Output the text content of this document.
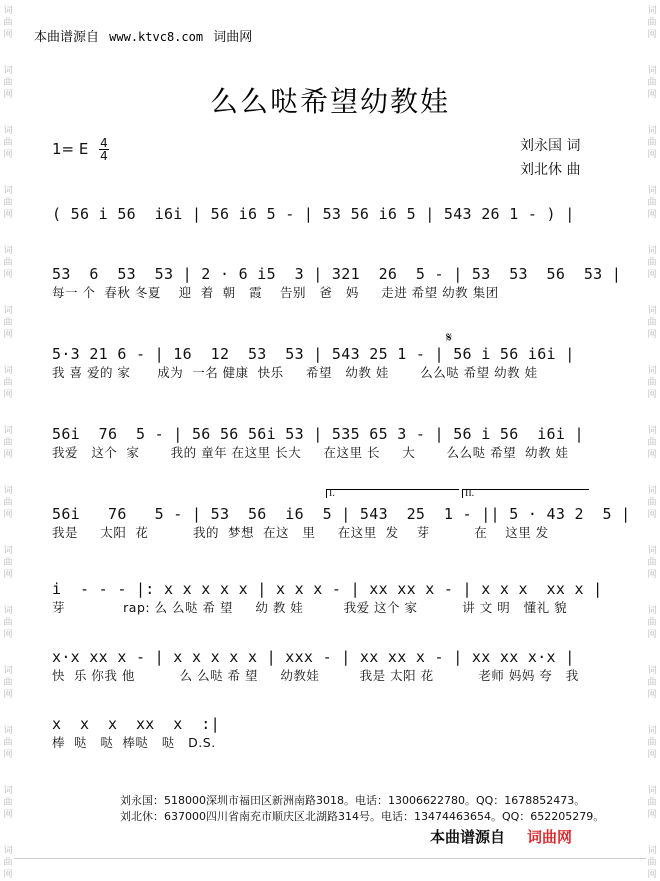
词
曲
网
词
曲
网
词
曲
网
词
曲
网
词
曲
网
词
曲
网
词
曲
网
词
曲
网
词
曲
网
词
曲
网
词
曲
网
词
曲
网
词
曲
网
词
曲
网
词
曲
网
词
曲
网
词
曲
网
词
曲
网
词
曲
网
词
曲
网
词
曲
网
词
曲
网
词
曲
网
词
曲
网
词
曲
网
词
曲
网
词
曲
网
词
曲
网
词
曲
网
词
曲
网
本曲谱源自 www.ktvc8.com 词曲网
么么哒希望幼教娃
1= E $\frac{4}{4}$	刘永国 词
刘北休 曲
( 56 i 56  i6i | 56 i6 5 - | 53 56 i6 5 | 543 26 1 - ) |
53  6  53  53 | 2 · 6 i5  3 | 321  26  5 - | 53  53  56  53 |
每一 个  春秋 冬夏    迎  着  朝   霞    告别   爸   妈     走进 希望 幼教 集团
𝄋
5·3 21 6 - | 16  12  53  53 | 543 25 1 - | 56 i 56 i6i |
我 喜 爱的 家      成为  一名 健康  快乐     希望   幼教 娃       么么哒 希望 幼教 娃
56i  76  5 - | 56 56 56i 53 | 535 65 3 - | 56 i 56  i6i |
我爱   这个  家       我的 童年 在这里 长大     在这里 长     大       么么哒 希望  幼教 娃
I.	II.
56i   76   5 - | 53  56  i6  5 | 543  25  1 - || 5 · 43 2  5 |
我是     太阳  花          我的  梦想  在这   里     在这里  发    芽          在    这里 发
i  - - - |: x x x x x | x x x - | xx xx x - | x x x  xx x |
芽             rap: 么 么哒 希 望     幼 教 娃         我爱 这个 家          讲 文 明   懂礼 貌
x·x xx x - | x x x x x | xxx - | xx xx x - | xx xx x·x |
快  乐 你我 他          么 么哒 希 望     幼教娃         我是 太阳 花          老师 妈妈 夸   我
x  x  x  xx  x  :|
棒  哒   哒  棒哒   哒   D.S.
刘永国：518000深圳市福田区新洲南路3018。电话：13006622780。QQ：1678852473。
刘北休：637000四川省南充市顺庆区北湖路314号。电话：13474463654。QQ：652205279。
本曲谱源自 词曲网
